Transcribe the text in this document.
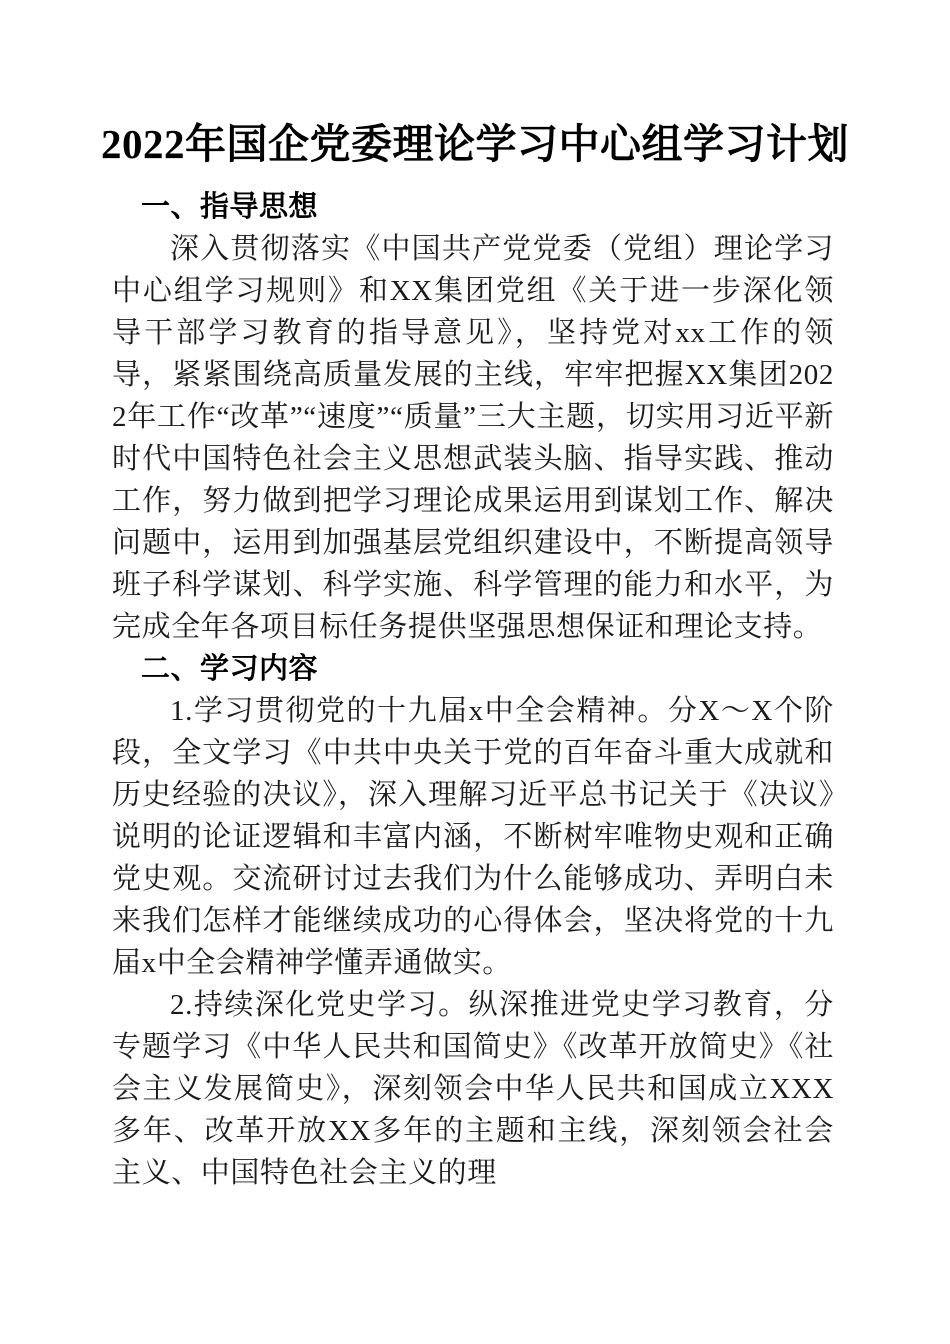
2022年国企党委理论学习中心组学习计划
一、指导思想

深入贯彻落实《中国共产党党委（党组）理论学习中心组学习规则》和XX集团党组《关于进一步深化领导干部学习教育的指导意见》，坚持党对xx工作的领导，紧紧围绕高质量发展的主线，牢牢把握XX集团2022年工作“改革”“速度”“质量”三大主题，切实用习近平新时代中国特色社会主义思想武装头脑、指导实践、推动工作，努力做到把学习理论成果运用到谋划工作、解决问题中，运用到加强基层党组织建设中，不断提高领导班子科学谋划、科学实施、科学管理的能力和水平，为完成全年各项目标任务提供坚强思想保证和理论支持。

二、学习内容

1.学习贯彻党的十九届x中全会精神。分X～X个阶段，全文学习《中共中央关于党的百年奋斗重大成就和历史经验的决议》，深入理解习近平总书记关于《决议》说明的论证逻辑和丰富内涵，不断树牢唯物史观和正确党史观。交流研讨过去我们为什么能够成功、弄明白未来我们怎样才能继续成功的心得体会，坚决将党的十九届x中全会精神学懂弄通做实。

2.持续深化党史学习。纵深推进党史学习教育，分专题学习《中华人民共和国简史》《改革开放简史》《社会主义发展简史》，深刻领会中华人民共和国成立XXX多年、改革开放XX多年的主题和主线，深刻领会社会主义、中国特色社会主义的理
